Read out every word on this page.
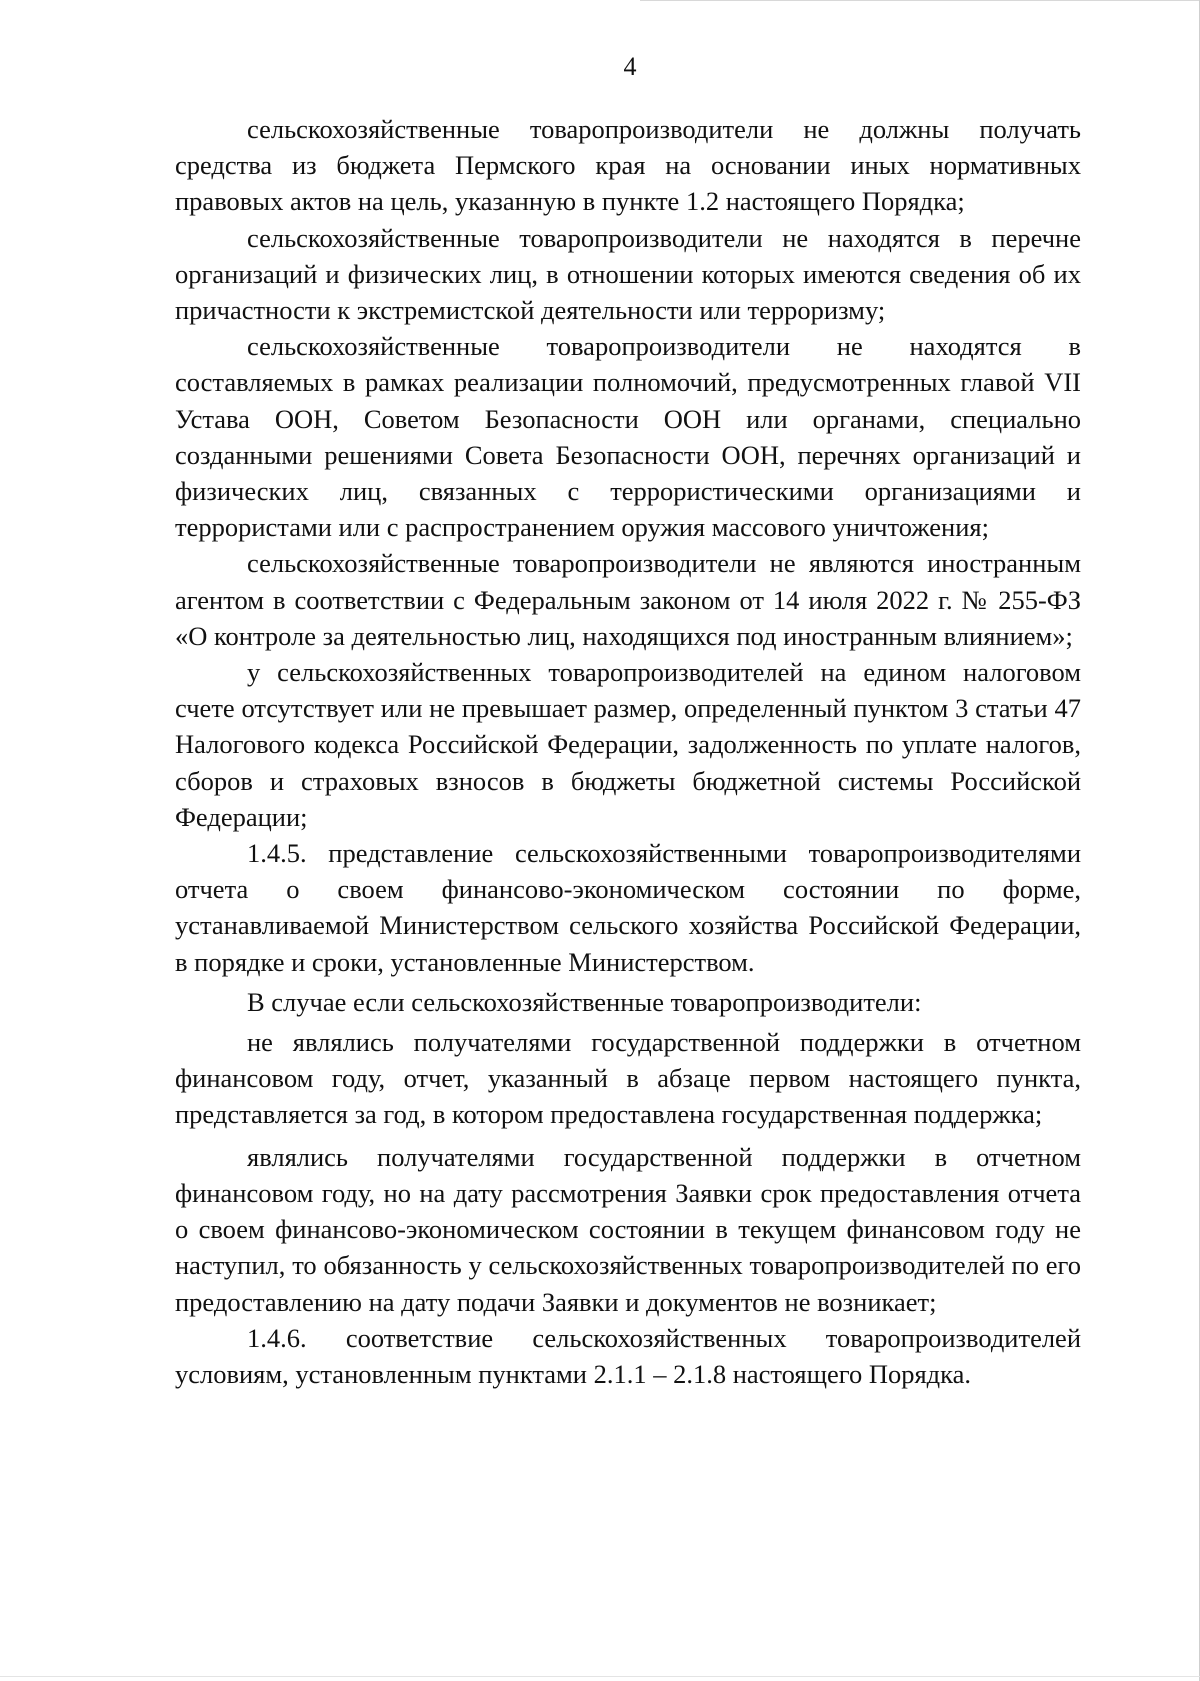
4

сельскохозяйственные товаропроизводители не должны получать средства из бюджета Пермского края на основании иных нормативных правовых актов на цель, указанную в пункте 1.2 настоящего Порядка;

сельскохозяйственные товаропроизводители не находятся в перечне организаций и физических лиц, в отношении которых имеются сведения об их причастности к экстремистской деятельности или терроризму;

сельскохозяйственные товаропроизводители не находятся в составляемых в рамках реализации полномочий, предусмотренных главой VII Устава ООН, Советом Безопасности ООН или органами, специально созданными решениями Совета Безопасности ООН, перечнях организаций и физических лиц, связанных с террористическими организациями и террористами или с распространением оружия массового уничтожения;

сельскохозяйственные товаропроизводители не являются иностранным агентом в соответствии с Федеральным законом от 14 июля 2022 г. № 255-ФЗ «О контроле за деятельностью лиц, находящихся под иностранным влиянием»;

у сельскохозяйственных товаропроизводителей на едином налоговом счете отсутствует или не превышает размер, определенный пунктом 3 статьи 47 Налогового кодекса Российской Федерации, задолженность по уплате налогов, сборов и страховых взносов в бюджеты бюджетной системы Российской Федерации;

1.4.5. представление сельскохозяйственными товаропроизводителями отчета о своем финансово-экономическом состоянии по форме, устанавливаемой Министерством сельского хозяйства Российской Федерации, в порядке и сроки, установленные Министерством.

В случае если сельскохозяйственные товаропроизводители:

не являлись получателями государственной поддержки в отчетном финансовом году, отчет, указанный в абзаце первом настоящего пункта, представляется за год, в котором предоставлена государственная поддержка;

являлись получателями государственной поддержки в отчетном финансовом году, но на дату рассмотрения Заявки срок предоставления отчета о своем финансово-экономическом состоянии в текущем финансовом году не наступил, то обязанность у сельскохозяйственных товаропроизводителей по его предоставлению на дату подачи Заявки и документов не возникает;

1.4.6. соответствие сельскохозяйственных товаропроизводителей условиям, установленным пунктами 2.1.1 – 2.1.8 настоящего Порядка.
